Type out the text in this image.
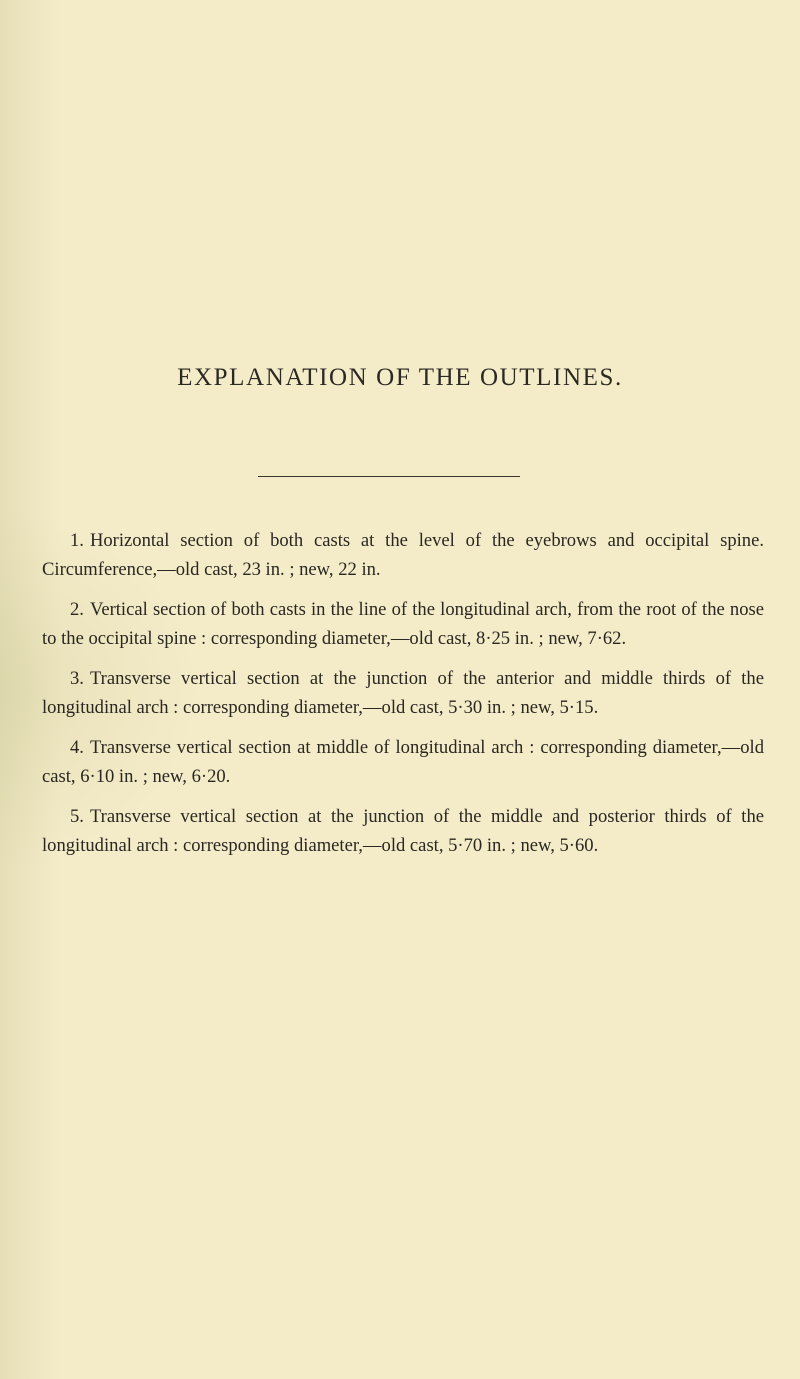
EXPLANATION OF THE OUTLINES.
1. Horizontal section of both casts at the level of the eyebrows and occipital spine. Circumference,—old cast, 23 in. ; new, 22 in.
2. Vertical section of both casts in the line of the longitudinal arch, from the root of the nose to the occipital spine : corresponding diameter,—old cast, 8·25 in. ; new, 7·62.
3. Transverse vertical section at the junction of the anterior and middle thirds of the longitudinal arch : corresponding diameter,—old cast, 5·30 in. ; new, 5·15.
4. Transverse vertical section at middle of longitudinal arch : corresponding diameter,—old cast, 6·10 in. ; new, 6·20.
5. Transverse vertical section at the junction of the middle and posterior thirds of the longitudinal arch : corresponding diameter,—old cast, 5·70 in. ; new, 5·60.
